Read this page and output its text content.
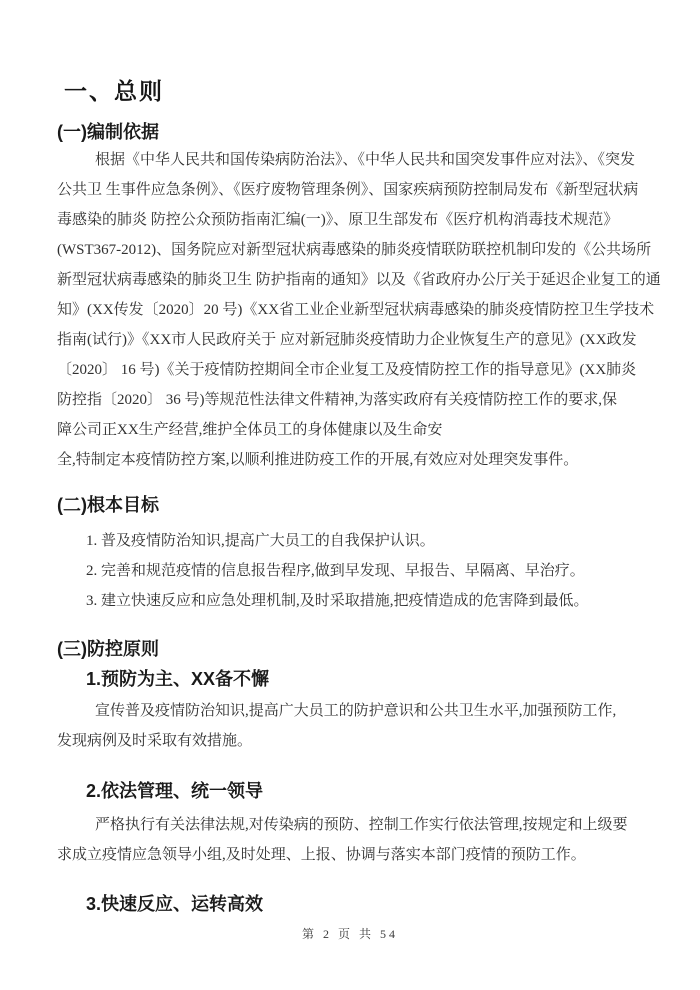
一、总则
(一)编制依据
根据《中华人民共和国传染病防治法》、《中华人民共和国突发事件应对法》、《突发
公共卫 生事件应急条例》、《医疗废物管理条例》、国家疾病预防控制局发布《新型冠状病
毒感染的肺炎 防控公众预防指南汇编(一)》、原卫生部发布《医疗机构消毒技术规范》
(WST367-2012)、国务院应对新型冠状病毒感染的肺炎疫情联防联控机制印发的《公共场所
新型冠状病毒感染的肺炎卫生 防护指南的通知》以及《省政府办公厅关于延迟企业复工的通
知》(XX传发〔2020〕20 号)《XX省工业企业新型冠状病毒感染的肺炎疫情防控卫生学技术
指南(试行)》《XX市人民政府关于 应对新冠肺炎疫情助力企业恢复生产的意见》(XX政发
〔2020〕 16 号)《关于疫情防控期间全市企业复工及疫情防控工作的指导意见》(XX肺炎
防控指〔2020〕 36 号)等规范性法律文件精神,为落实政府有关疫情防控工作的要求,保
障公司正XX生产经营,维护全体员工的身体健康以及生命安
全,特制定本疫情防控方案,以顺利推进防疫工作的开展,有效应对处理突发事件。
(二)根本目标
1. 普及疫情防治知识,提高广大员工的自我保护认识。
2. 完善和规范疫情的信息报告程序,做到早发现、早报告、早隔离、早治疗。
3. 建立快速反应和应急处理机制,及时采取措施,把疫情造成的危害降到最低。
(三)防控原则
1.预防为主、XX备不懈
宣传普及疫情防治知识,提高广大员工的防护意识和公共卫生水平,加强预防工作,
发现病例及时采取有效措施。
2.依法管理、统一领导
严格执行有关法律法规,对传染病的预防、控制工作实行依法管理,按规定和上级要
求成立疫情应急领导小组,及时处理、上报、协调与落实本部门疫情的预防工作。
3.快速反应、运转高效
第 2 页 共 54
